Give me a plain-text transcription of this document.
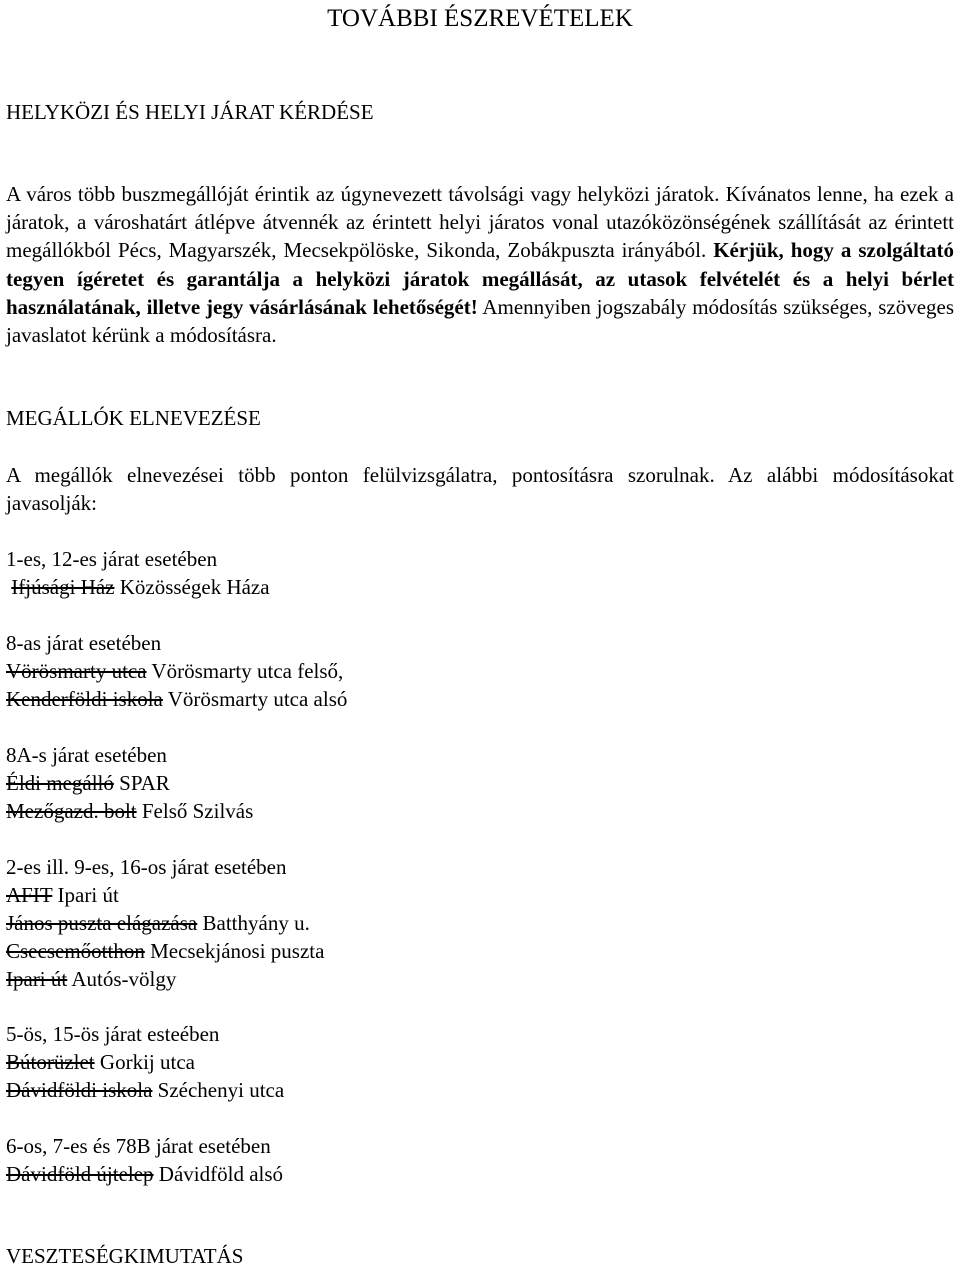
TOVÁBBI ÉSZREVÉTELEK
HELYKÖZI ÉS HELYI JÁRAT KÉRDÉSE

A város több buszmegállóját érintik az úgynevezett távolsági vagy helyközi járatok. Kívánatos lenne, ha ezek a járatok, a városhatárt átlépve átvennék az érintett helyi járatos vonal utazóközönségének szállítását az érintett megállókból Pécs, Magyarszék, Mecsekpölöske, Sikonda, Zobákpuszta irányából. Kérjük, hogy a szolgáltató tegyen ígéretet és garantálja a helyközi járatok megállását, az utasok felvételét és a helyi bérlet használatának, illetve jegy vásárlásának lehetőségét! Amennyiben jogszabály módosítás szükséges, szöveges javaslatot kérünk a módosításra.

MEGÁLLÓK ELNEVEZÉSE

A megállók elnevezései több ponton felülvizsgálatra, pontosításra szorulnak. Az alábbi módosításokat javasolják:

1-es, 12-es járat esetében
Ifjúsági Ház Közösségek Háza
8-as járat esetében
Vörösmarty utca Vörösmarty utca felső,
Kenderföldi iskola Vörösmarty utca alsó
8A-s járat esetében
Éldi megálló SPAR
Mezőgazd. bolt Felső Szilvás
2-es ill. 9-es, 16-os járat esetében
AFIT Ipari út
János puszta elágazása Batthyány u.
Csecsemőotthon Mecsekjánosi puszta
Ipari út Autós-völgy
5-ös, 15-ös járat esteében
Bútorüzlet Gorkij utca
Dávidföldi iskola Széchenyi utca
6-os, 7-es és 78B járat esetében
Dávidföld újtelep Dávidföld alsó
VESZTESÉGKIMUTATÁS
